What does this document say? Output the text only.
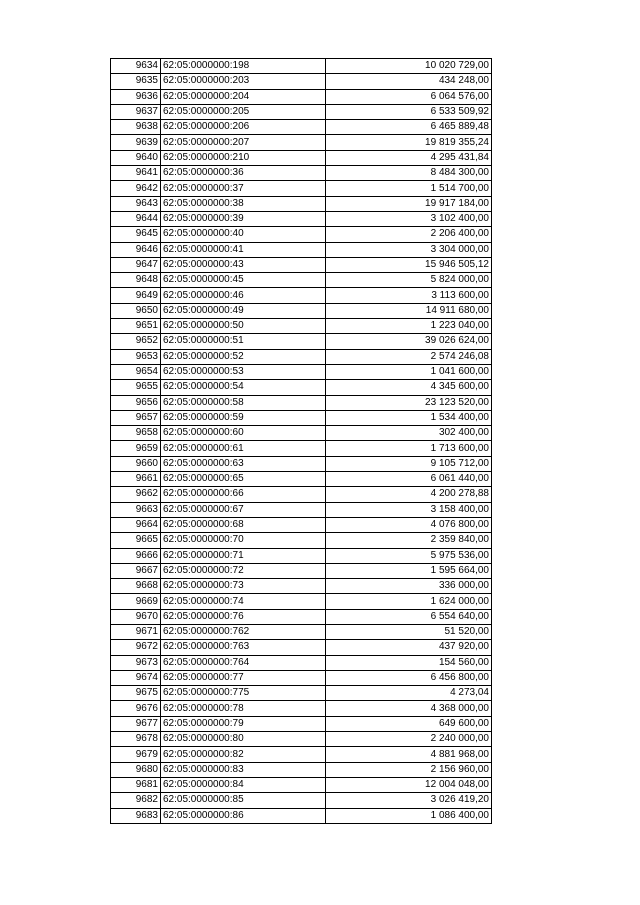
9634	62:05:0000000:198	10 020 729,00
9635	62:05:0000000:203	434 248,00
9636	62:05:0000000:204	6 064 576,00
9637	62:05:0000000:205	6 533 509,92
9638	62:05:0000000:206	6 465 889,48
9639	62:05:0000000:207	19 819 355,24
9640	62:05:0000000:210	4 295 431,84
9641	62:05:0000000:36	8 484 300,00
9642	62:05:0000000:37	1 514 700,00
9643	62:05:0000000:38	19 917 184,00
9644	62:05:0000000:39	3 102 400,00
9645	62:05:0000000:40	2 206 400,00
9646	62:05:0000000:41	3 304 000,00
9647	62:05:0000000:43	15 946 505,12
9648	62:05:0000000:45	5 824 000,00
9649	62:05:0000000:46	3 113 600,00
9650	62:05:0000000:49	14 911 680,00
9651	62:05:0000000:50	1 223 040,00
9652	62:05:0000000:51	39 026 624,00
9653	62:05:0000000:52	2 574 246,08
9654	62:05:0000000:53	1 041 600,00
9655	62:05:0000000:54	4 345 600,00
9656	62:05:0000000:58	23 123 520,00
9657	62:05:0000000:59	1 534 400,00
9658	62:05:0000000:60	302 400,00
9659	62:05:0000000:61	1 713 600,00
9660	62:05:0000000:63	9 105 712,00
9661	62:05:0000000:65	6 061 440,00
9662	62:05:0000000:66	4 200 278,88
9663	62:05:0000000:67	3 158 400,00
9664	62:05:0000000:68	4 076 800,00
9665	62:05:0000000:70	2 359 840,00
9666	62:05:0000000:71	5 975 536,00
9667	62:05:0000000:72	1 595 664,00
9668	62:05:0000000:73	336 000,00
9669	62:05:0000000:74	1 624 000,00
9670	62:05:0000000:76	6 554 640,00
9671	62:05:0000000:762	51 520,00
9672	62:05:0000000:763	437 920,00
9673	62:05:0000000:764	154 560,00
9674	62:05:0000000:77	6 456 800,00
9675	62:05:0000000:775	4 273,04
9676	62:05:0000000:78	4 368 000,00
9677	62:05:0000000:79	649 600,00
9678	62:05:0000000:80	2 240 000,00
9679	62:05:0000000:82	4 881 968,00
9680	62:05:0000000:83	2 156 960,00
9681	62:05:0000000:84	12 004 048,00
9682	62:05:0000000:85	3 026 419,20
9683	62:05:0000000:86	1 086 400,00
